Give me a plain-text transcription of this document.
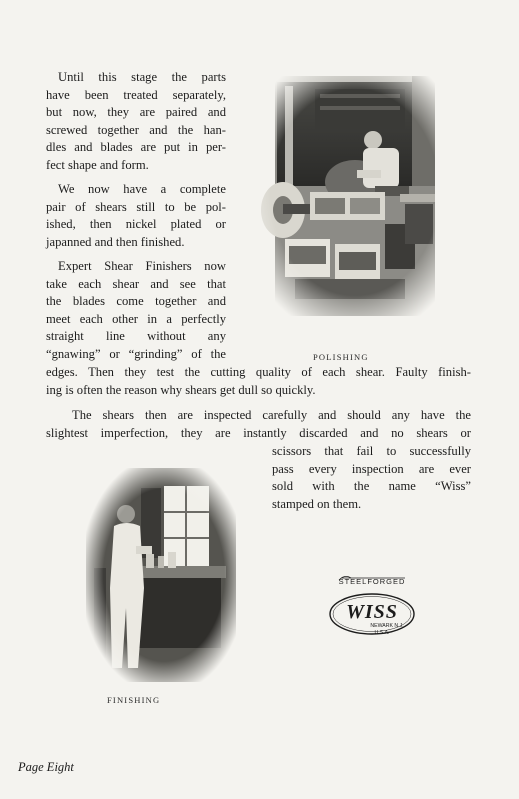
Until this stage the parts
have been treated separately,
but now, they are paired and
screwed together and the han-
dles and blades are put in per-
fect shape and form.
We now have a complete
pair of shears still to be pol-
ished, then nickel plated or
japanned and then finished.
Expert Shear Finishers now
take each shear and see that
the blades come together and
meet each other in a perfectly
straight line without any
“gnawing” or “grinding” of the
edges. Then they test the cutting quality of each shear. Faulty finish-
ing is often the reason why shears get dull so quickly.
The shears then are inspected carefully and should any have the
slightest imperfection, they are instantly discarded and no shears or
scissors that fail to successfully
pass every inspection are ever
sold with the name “Wiss”
stamped on them.

POLISHING

FINISHING

STEELFORGED
WISS
NEWARK N.J.
U.S.A.

Page Eight
